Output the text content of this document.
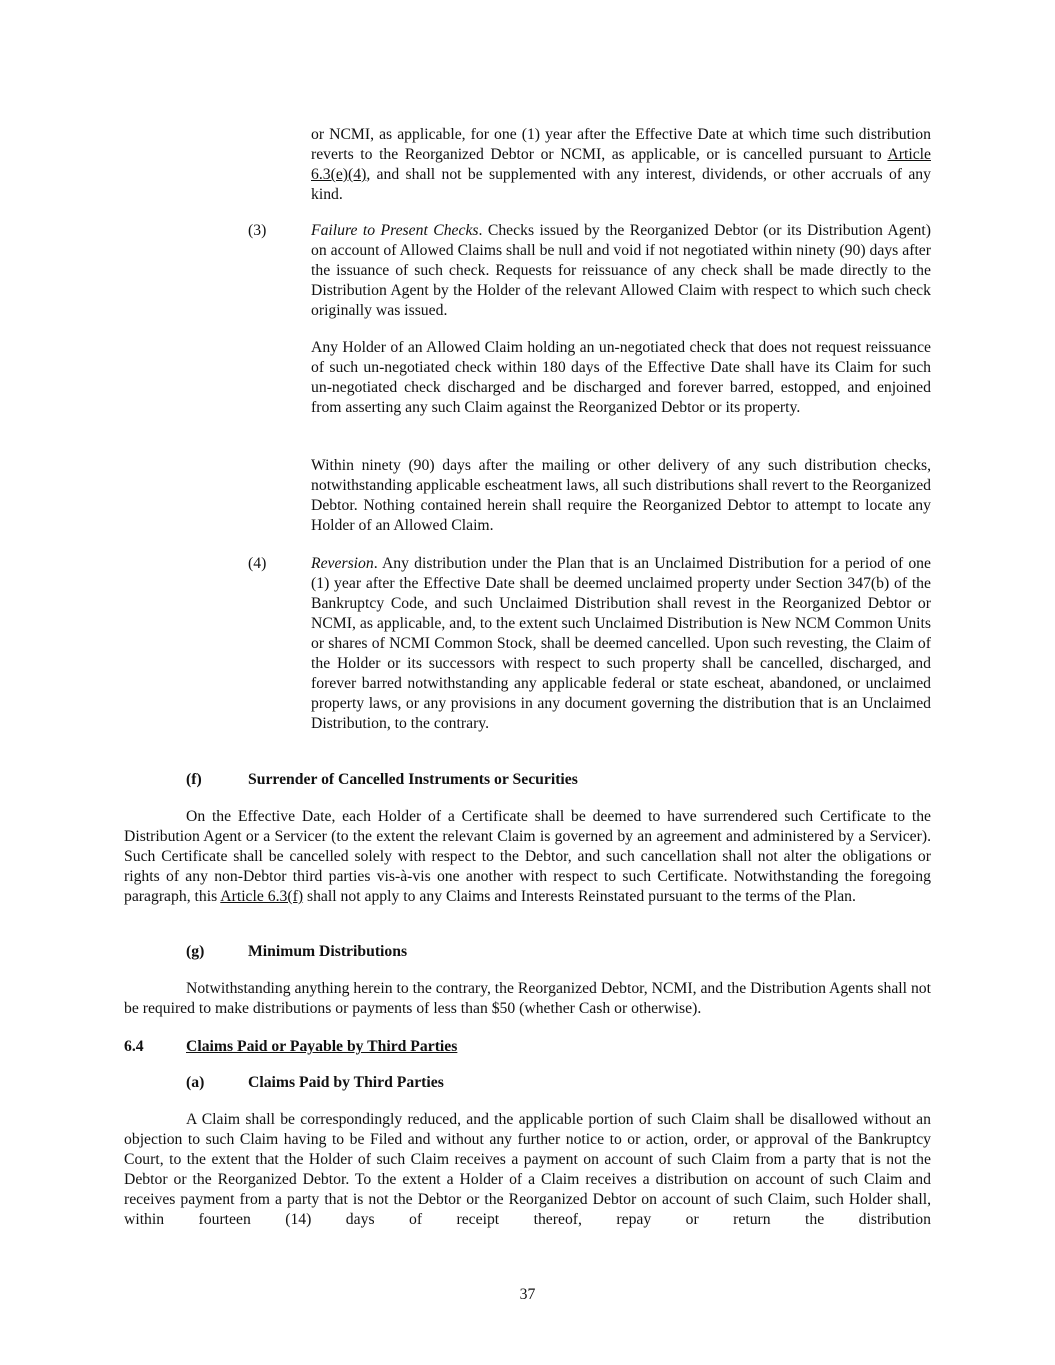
or NCMI, as applicable, for one (1) year after the Effective Date at which time such distribution reverts to the Reorganized Debtor or NCMI, as applicable, or is cancelled pursuant to Article 6.3(e)(4), and shall not be supplemented with any interest, dividends, or other accruals of any kind.

(3)	Failure to Present Checks. Checks issued by the Reorganized Debtor (or its Distribution Agent) on account of Allowed Claims shall be null and void if not negotiated within ninety (90) days after the issuance of such check. Requests for reissuance of any check shall be made directly to the Distribution Agent by the Holder of the relevant Allowed Claim with respect to which such check originally was issued.

Any Holder of an Allowed Claim holding an un-negotiated check that does not request reissuance of such un-negotiated check within 180 days of the Effective Date shall have its Claim for such un-negotiated check discharged and be discharged and forever barred, estopped, and enjoined from asserting any such Claim against the Reorganized Debtor or its property.

Within ninety (90) days after the mailing or other delivery of any such distribution checks, notwithstanding applicable escheatment laws, all such distributions shall revert to the Reorganized Debtor. Nothing contained herein shall require the Reorganized Debtor to attempt to locate any Holder of an Allowed Claim.

(4)	Reversion. Any distribution under the Plan that is an Unclaimed Distribution for a period of one (1) year after the Effective Date shall be deemed unclaimed property under Section 347(b) of the Bankruptcy Code, and such Unclaimed Distribution shall revest in the Reorganized Debtor or NCMI, as applicable, and, to the extent such Unclaimed Distribution is New NCM Common Units or shares of NCMI Common Stock, shall be deemed cancelled. Upon such revesting, the Claim of the Holder or its successors with respect to such property shall be cancelled, discharged, and forever barred notwithstanding any applicable federal or state escheat, abandoned, or unclaimed property laws, or any provisions in any document governing the distribution that is an Unclaimed Distribution, to the contrary.

(f)	Surrender of Cancelled Instruments or Securities

On the Effective Date, each Holder of a Certificate shall be deemed to have surrendered such Certificate to the Distribution Agent or a Servicer (to the extent the relevant Claim is governed by an agreement and administered by a Servicer). Such Certificate shall be cancelled solely with respect to the Debtor, and such cancellation shall not alter the obligations or rights of any non-Debtor third parties vis-à-vis one another with respect to such Certificate. Notwithstanding the foregoing paragraph, this Article 6.3(f) shall not apply to any Claims and Interests Reinstated pursuant to the terms of the Plan.

(g)	Minimum Distributions

Notwithstanding anything herein to the contrary, the Reorganized Debtor, NCMI, and the Distribution Agents shall not be required to make distributions or payments of less than $50 (whether Cash or otherwise).

6.4	Claims Paid or Payable by Third Parties
(a)	Claims Paid by Third Parties

A Claim shall be correspondingly reduced, and the applicable portion of such Claim shall be disallowed without an objection to such Claim having to be Filed and without any further notice to or action, order, or approval of the Bankruptcy Court, to the extent that the Holder of such Claim receives a payment on account of such Claim from a party that is not the Debtor or the Reorganized Debtor. To the extent a Holder of a Claim receives a distribution on account of such Claim and receives payment from a party that is not the Debtor or the Reorganized Debtor on account of such Claim, such Holder shall, within fourteen (14) days of receipt thereof, repay or return the distribution

37
